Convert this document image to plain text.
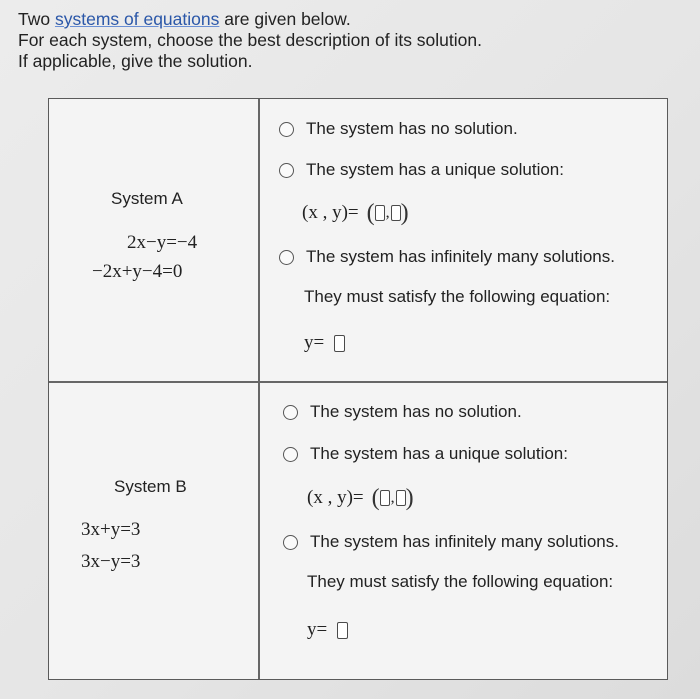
Two systems of equations are given below.
For each system, choose the best description of its solution.
If applicable, give the solution.
System A
2x−y=−4
−2x+y−4=0
The system has no solution.
The system has a unique solution:
(x , y)= ( , )
The system has infinitely many solutions.
They must satisfy the following equation:
y=
System B
3x+y=3
3x−y=3
The system has no solution.
The system has a unique solution:
(x , y)= ( , )
The system has infinitely many solutions.
They must satisfy the following equation:
y=
